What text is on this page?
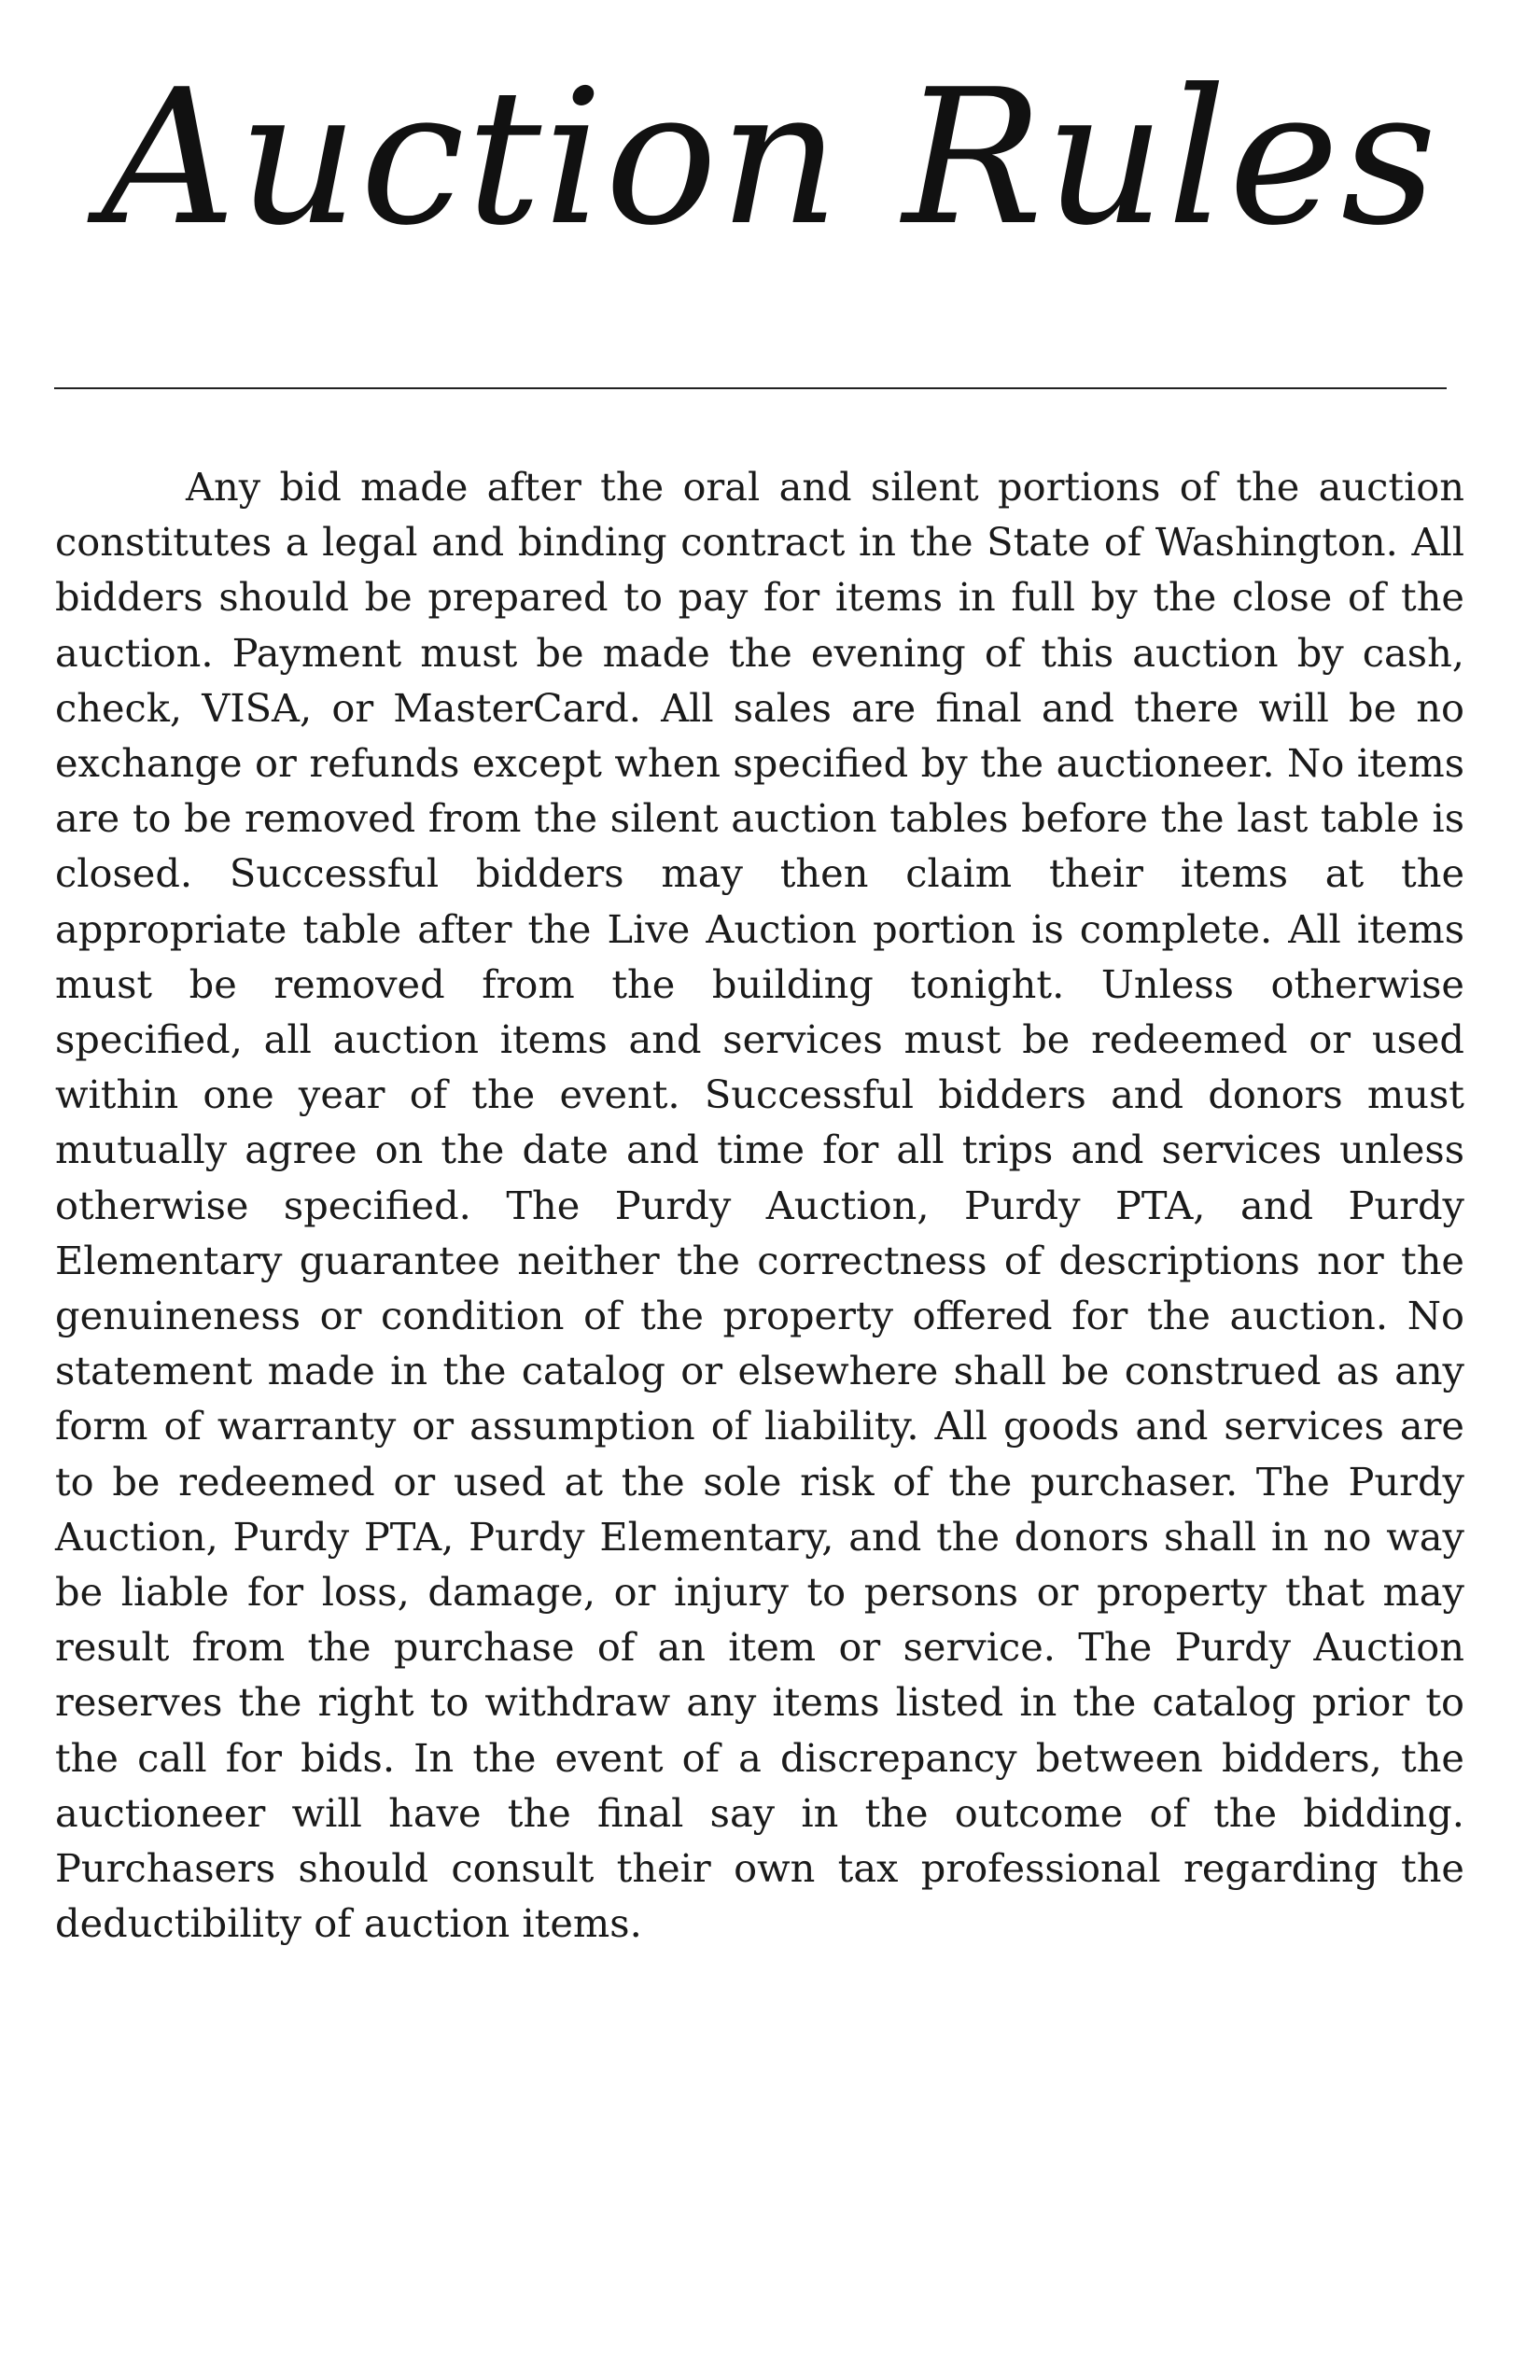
Auction Rules

Any bid made after the oral and silent portions of the auction constitutes a legal and binding contract in the State of Washington. All bidders should be prepared to pay for items in full by the close of the auction. Payment must be made the evening of this auction by cash, check, VISA, or MasterCard. All sales are final and there will be no exchange or refunds except when specified by the auctioneer. No items are to be removed from the silent auction tables before the last table is closed. Successful bidders may then claim their items at the appropriate table after the Live Auction portion is complete. All items must be removed from the building tonight. Unless otherwise specified, all auction items and services must be redeemed or used within one year of the event. Successful bidders and donors must mutually agree on the date and time for all trips and services unless otherwise specified. The Purdy Auction, Purdy PTA, and Purdy Elementary guarantee neither the correctness of descriptions nor the genuineness or condition of the property offered for the auction. No statement made in the catalog or elsewhere shall be construed as any form of warranty or assumption of liability. All goods and services are to be redeemed or used at the sole risk of the purchaser. The Purdy Auction, Purdy PTA, Purdy Elementary, and the donors shall in no way be liable for loss, damage, or injury to persons or property that may result from the purchase of an item or service. The Purdy Auction reserves the right to withdraw any items listed in the catalog prior to the call for bids. In the event of a discrepancy between bidders, the auctioneer will have the final say in the outcome of the bidding. Purchasers should consult their own tax professional regarding the deductibility of auction items.
